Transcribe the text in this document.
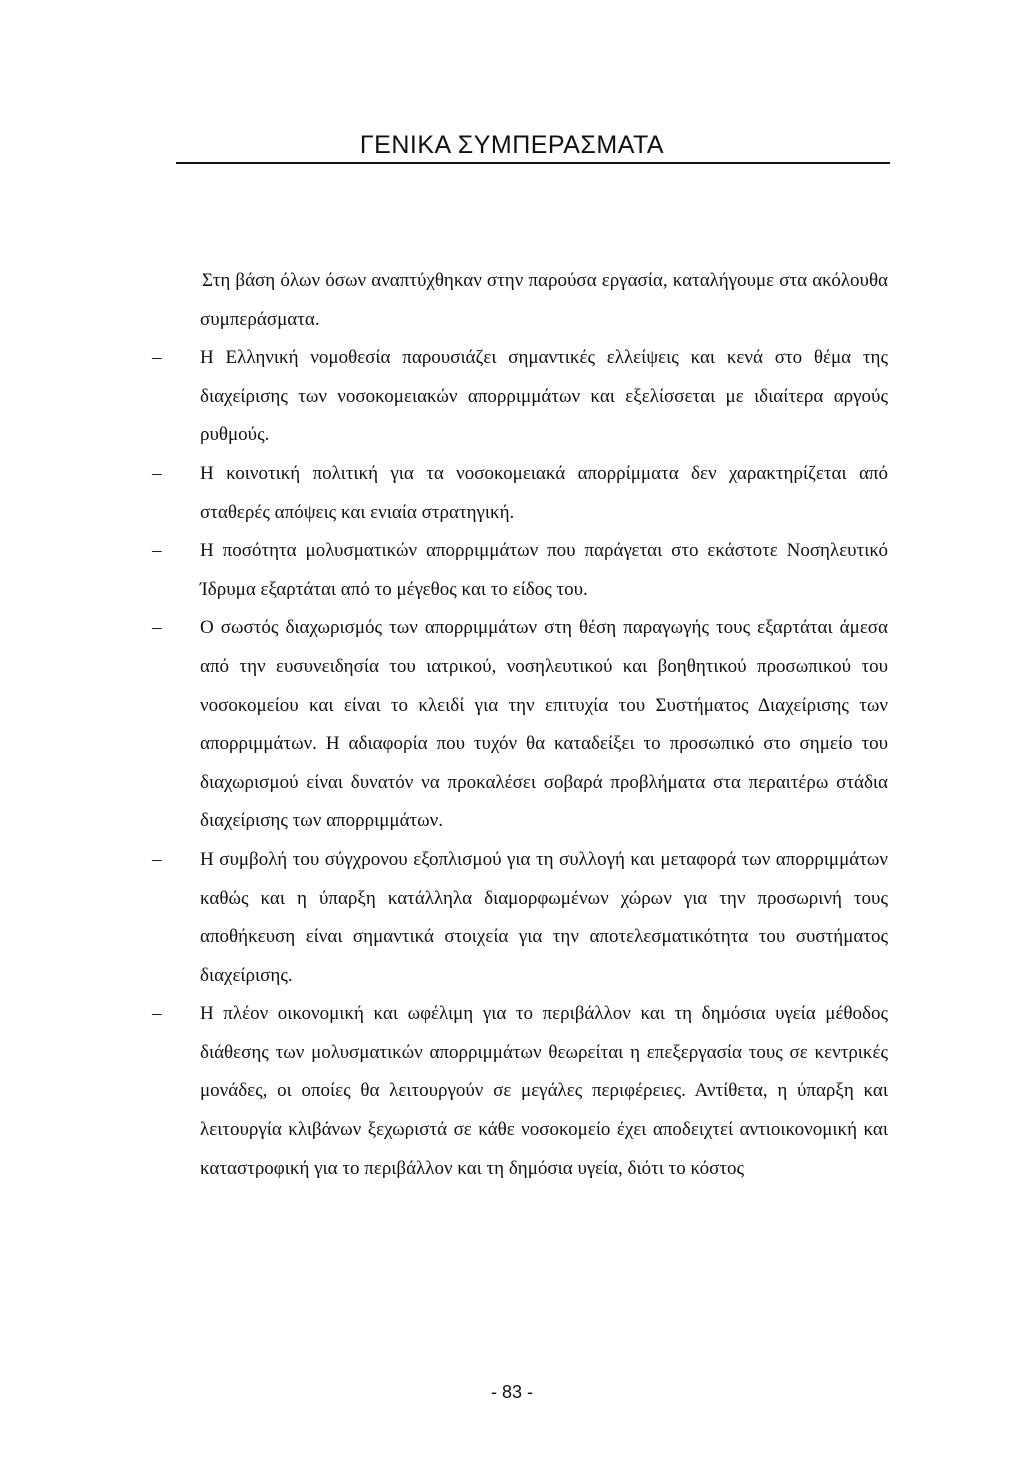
ΓΕΝΙΚΑ ΣΥΜΠΕΡΑΣΜΑΤΑ

Στη βάση όλων όσων αναπτύχθηκαν στην παρούσα εργασία, καταλήγουμε στα ακόλουθα συμπεράσματα.

– Η Ελληνική νομοθεσία παρουσιάζει σημαντικές ελλείψεις και κενά στο θέμα της διαχείρισης των νοσοκομειακών απορριμμάτων και εξελίσσεται με ιδιαίτερα αργούς ρυθμούς.
– Η κοινοτική πολιτική για τα νοσοκομειακά απορρίμματα δεν χαρακτηρίζεται από σταθερές απόψεις και ενιαία στρατηγική.
– Η ποσότητα μολυσματικών απορριμμάτων που παράγεται στο εκάστοτε Νοσηλευτικό Ίδρυμα εξαρτάται από το μέγεθος και το είδος του.
– Ο σωστός διαχωρισμός των απορριμμάτων στη θέση παραγωγής τους εξαρτάται άμεσα από την ευσυνειδησία του ιατρικού, νοσηλευτικού και βοηθητικού προσωπικού του νοσοκομείου και είναι το κλειδί για την επιτυχία του Συστήματος Διαχείρισης των απορριμμάτων. Η αδιαφορία που τυχόν θα καταδείξει το προσωπικό στο σημείο του διαχωρισμού είναι δυνατόν να προκαλέσει σοβαρά προβλήματα στα περαιτέρω στάδια διαχείρισης των απορριμμάτων.
– Η συμβολή του σύγχρονου εξοπλισμού για τη συλλογή και μεταφορά των απορριμμάτων καθώς και η ύπαρξη κατάλληλα διαμορφωμένων χώρων για την προσωρινή τους αποθήκευση είναι σημαντικά στοιχεία για την αποτελεσματικότητα του συστήματος διαχείρισης.
– Η πλέον οικονομική και ωφέλιμη για το περιβάλλον και τη δημόσια υγεία μέθοδος διάθεσης των μολυσματικών απορριμμάτων θεωρείται η επεξεργασία τους σε κεντρικές μονάδες, οι οποίες θα λειτουργούν σε μεγάλες περιφέρειες. Αντίθετα, η ύπαρξη και λειτουργία κλιβάνων ξεχωριστά σε κάθε νοσοκομείο έχει αποδειχτεί αντιοικονομική και καταστροφική για το περιβάλλον και τη δημόσια υγεία, διότι το κόστος
- 83 -
